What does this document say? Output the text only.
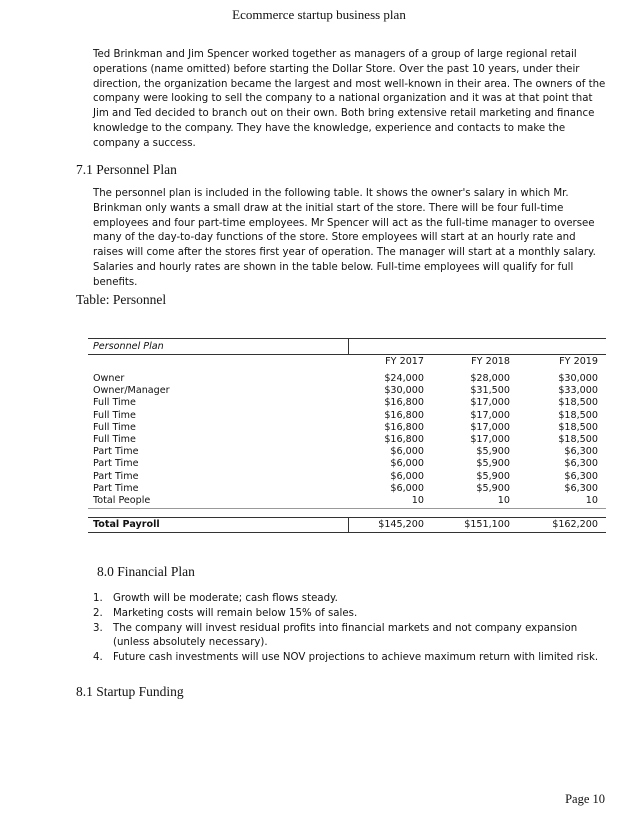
Ecommerce startup business plan

Ted Brinkman and Jim Spencer worked together as managers of a group of large regional retail operations (name omitted) before starting the Dollar Store. Over the past 10 years, under their direction, the organization became the largest and most well-known in their area. The owners of the company were looking to sell the company to a national organization and it was at that point that Jim and Ted decided to branch out on their own. Both bring extensive retail marketing and finance knowledge to the company. They have the knowledge, experience and contacts to make the company a success.

7.1 Personnel Plan

The personnel plan is included in the following table. It shows the owner's salary in which Mr. Brinkman only wants a small draw at the initial start of the store. There will be four full-time employees and four part-time employees. Mr Spencer will act as the full-time manager to oversee many of the day-to-day functions of the store. Store employees will start at an hourly rate and raises will come after the stores first year of operation. The manager will start at a monthly salary. Salaries and hourly rates are shown in the table below. Full-time employees will qualify for full benefits.

Table: Personnel
Personnel Plan
FY 2017	FY 2018	FY 2019
Owner	$24,000	$28,000	$30,000
Owner/Manager	$30,000	$31,500	$33,000
Full Time	$16,800	$17,000	$18,500
Full Time	$16,800	$17,000	$18,500
Full Time	$16,800	$17,000	$18,500
Full Time	$16,800	$17,000	$18,500
Part Time	$6,000	$5,900	$6,300
Part Time	$6,000	$5,900	$6,300
Part Time	$6,000	$5,900	$6,300
Part Time	$6,000	$5,900	$6,300
Total People	10	10	10
Total Payroll	$145,200	$151,100	$162,200
8.0 Financial Plan
1. Growth will be moderate; cash flows steady.
2. Marketing costs will remain below 15% of sales.
3. The company will invest residual profits into financial markets and not company expansion (unless absolutely necessary).
4. Future cash investments will use NOV projections to achieve maximum return with limited risk.
8.1 Startup Funding
Page 10
